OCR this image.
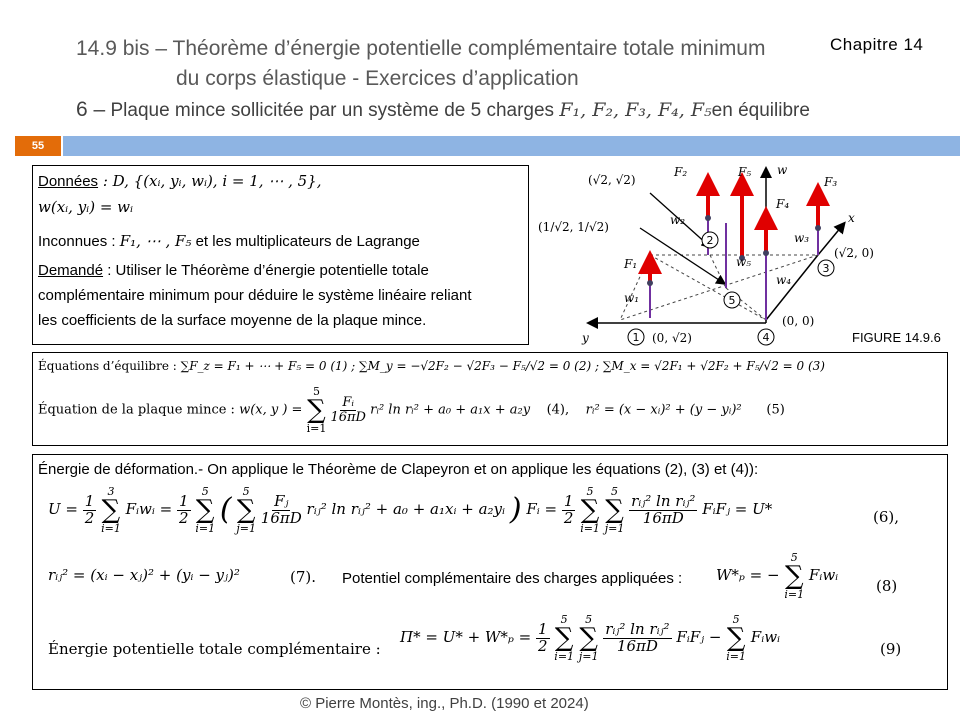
14.9 bis – Théorème d’énergie potentielle complémentaire totale minimum
du corps élastique - Exercices d’application
6 – Plaque mince sollicitée par un système de 5 charges F₁, F₂, F₃, F₄, F₅en équilibre
Chapitre 14
55
Données : D, {(xᵢ, yᵢ, wᵢ), i = 1, ⋯ , 5},
w(xᵢ, yᵢ) = wᵢ
Inconnues : F₁, ⋯ , F₅ et les multiplicateurs de Lagrange
Demandé : Utiliser le Théorème d’énergie potentielle totale
complémentaire minimum pour déduire le système linéaire reliant
les coefficients de la surface moyenne de la plaque mince.
1
2
3
4
5
F₁
F₂
F₃
F₄
F₅
w₁
w₂
w₃
w₄
w₅
w
x
y
(√2, √2)
(1/√2, 1/√2)
(√2, 0)
(0, √2)
(0, 0)
FIGURE 14.9.6
Équations d’équilibre : ∑F_z = F₁ + ⋯ + F₅ = 0 (1) ; ∑M_y = −√2F₂ − √2F₃ − F₅/√2 = 0 (2) ; ∑M_x = √2F₁ + √2F₂ + F₅/√2 = 0 (3)
Équation de la plaque mince : w(x, y ) =
5
∑
i=1

$\frac{\text{Fᵢ}}{16\pi D}$ rᵢ² ln rᵢ² + a₀ + a₁x + a₂y (4), rᵢ² = (x − xᵢ)² + (y − yᵢ)² (5)
Énergie de déformation.- On applique le Théorème de Clapeyron et on applique les équations (2), (3) et (4)):
$U = \frac{1}{2}$

3
∑
i=1
Fᵢwᵢ = $\frac{1}{2}$

5
∑
i=1
(
5
∑
j=1

$\frac{\text{Fⱼ}}{16\pi D}$ rᵢⱼ² ln rᵢⱼ² + a₀ + a₁xᵢ + a₂yᵢ ) Fᵢ = $\frac{1}{2}$

5
∑
i=1

5
∑
j=1

$\frac{\text{rᵢⱼ² ln rᵢⱼ²}}{16\pi D}$ FᵢFⱼ = U*	(6),
rᵢⱼ² = (xᵢ − xⱼ)² + (yᵢ − yⱼ)²	(7). Potentiel complémentaire des charges appliquées : W*ₚ = −
5
∑
i=1
Fᵢwᵢ
(8)
Énergie potentielle totale complémentaire :
$\Pi* = U* + W*_p = \frac{1}{2}$

5
∑
i=1

5
∑
j=1

$\frac{\text{rᵢⱼ² ln rᵢⱼ²}}{16\pi D}$ FᵢFⱼ −
5
∑
i=1
Fᵢwᵢ
(9)
© Pierre Montès, ing., Ph.D. (1990 et 2024)
